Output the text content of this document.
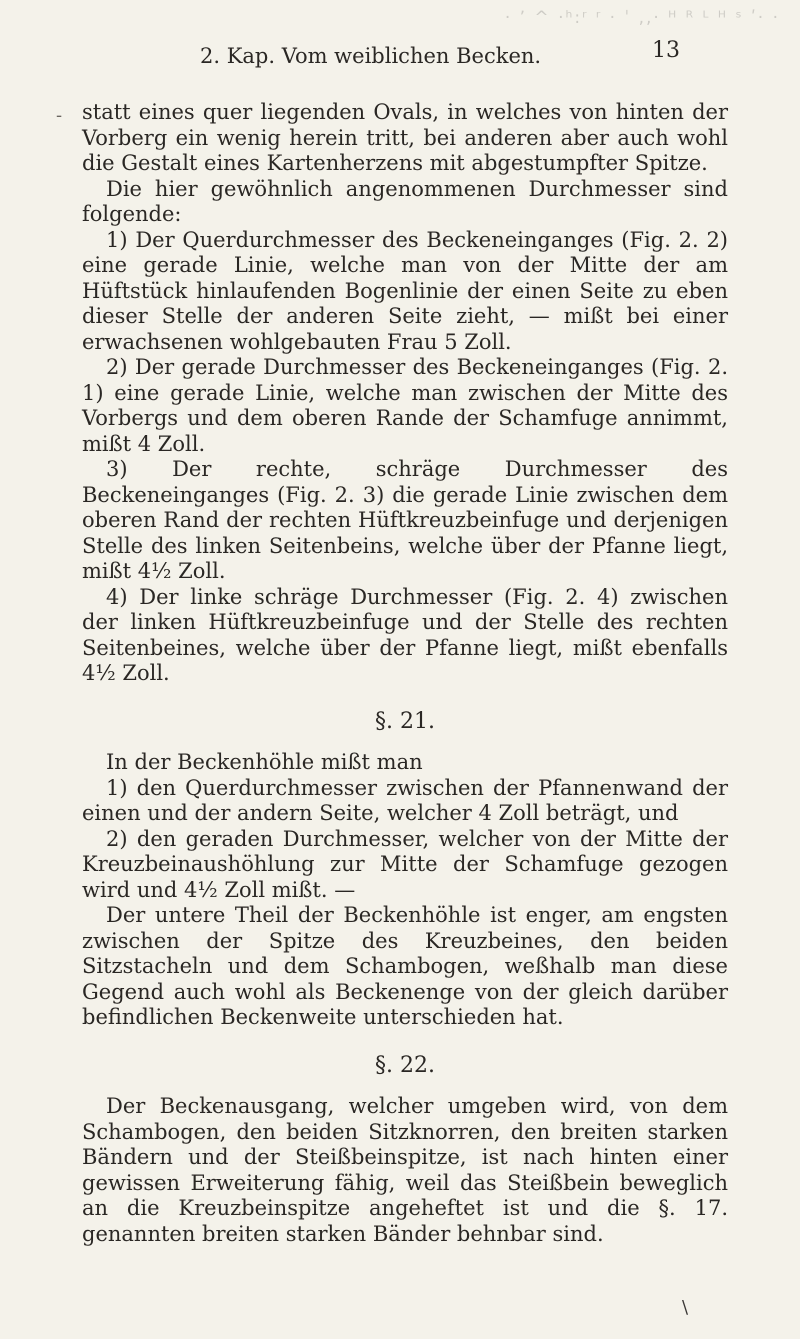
· ʼ ^ ·ʰ:ʳ ʳ · ˈ ,,· ᴴ ᴿ ᴸ ᴴ ˢ ʹ· ·
2. Kap. Vom weiblichen Becken.	13
- statt eines quer liegenden Ovals, in welches von hinten der Vorberg ein wenig herein tritt, bei anderen aber auch wohl die Gestalt eines Kartenherzens mit abgestumpfter Spitze.

Die hier gewöhnlich angenommenen Durchmesser sind folgende:

1) Der Querdurchmesser des Beckeneinganges (Fig. 2. 2) eine gerade Linie, welche man von der Mitte der am Hüftstück hinlaufenden Bogenlinie der einen Seite zu eben dieser Stelle der anderen Seite zieht, — mißt bei einer erwachsenen wohlgebauten Frau 5 Zoll.

2) Der gerade Durchmesser des Beckeneinganges (Fig. 2. 1) eine gerade Linie, welche man zwischen der Mitte des Vorbergs und dem oberen Rande der Schamfuge annimmt, mißt 4 Zoll.

3) Der rechte, schräge Durchmesser des Beckeneinganges (Fig. 2. 3) die gerade Linie zwischen dem oberen Rand der rechten Hüftkreuzbeinfuge und derjenigen Stelle des linken Seitenbeins, welche über der Pfanne liegt, mißt 4½ Zoll.

4) Der linke schräge Durchmesser (Fig. 2. 4) zwischen der linken Hüftkreuzbeinfuge und der Stelle des rechten Seitenbeines, welche über der Pfanne liegt, mißt ebenfalls 4½ Zoll.

§. 21.

In der Beckenhöhle mißt man

1) den Querdurchmesser zwischen der Pfannenwand der einen und der andern Seite, welcher 4 Zoll beträgt, und

2) den geraden Durchmesser, welcher von der Mitte der Kreuzbeinaushöhlung zur Mitte der Schamfuge gezogen wird und 4½ Zoll mißt. —

Der untere Theil der Beckenhöhle ist enger, am engsten zwischen der Spitze des Kreuzbeines, den beiden Sitzstacheln und dem Schambogen, weßhalb man diese Gegend auch wohl als Beckenenge von der gleich darüber befindlichen Beckenweite unterschieden hat.

§. 22.

Der Beckenausgang, welcher umgeben wird, von dem Schambogen, den beiden Sitzknorren, den breiten starken Bändern und der Steißbeinspitze, ist nach hinten einer gewissen Erweiterung fähig, weil das Steißbein beweglich an die Kreuzbeinspitze angeheftet ist und die §. 17. genannten breiten starken Bänder behnbar sind.

\
